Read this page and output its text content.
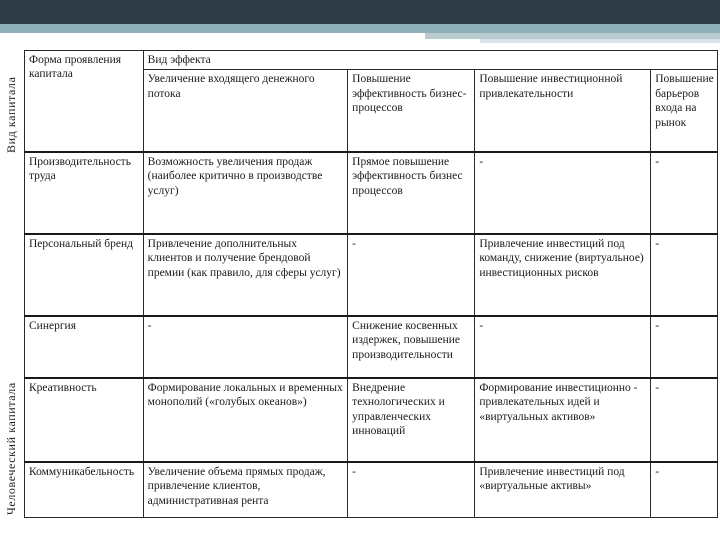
Вид капитала
Человеческий капитала
Форма проявления капитала	Вид эффекта			
	Увеличение входящего денежного потока	Повышение эффективность бизнес-процессов	Повышение инвестиционной привлекательности	Повышение барьеров входа на рынок
Производительность труда	Возможность увеличения продаж (наиболее критично в производстве услуг)	Прямое повышение эффективность бизнес процессов	-	-
Персональный бренд	Привлечение дополнительных клиентов и получение брендовой премии (как правило, для сферы услуг)	-	Привлечение инвестиций под команду, снижение (виртуальное) инвестиционных рисков	-
Синергия	-	Снижение косвенных издержек, повышение производительности	-	-
Креативность	Формирование локальных и временных монополий («голубых океанов»)	Внедрение технологических и управленческих инноваций	Формирование инвестиционно - привлекательных идей и «виртуальных активов»	-
Коммуникабельность	Увеличение объема прямых продаж, привлечение клиентов, административная рента	-	Привлечение инвестиций под «виртуальные активы»	-
